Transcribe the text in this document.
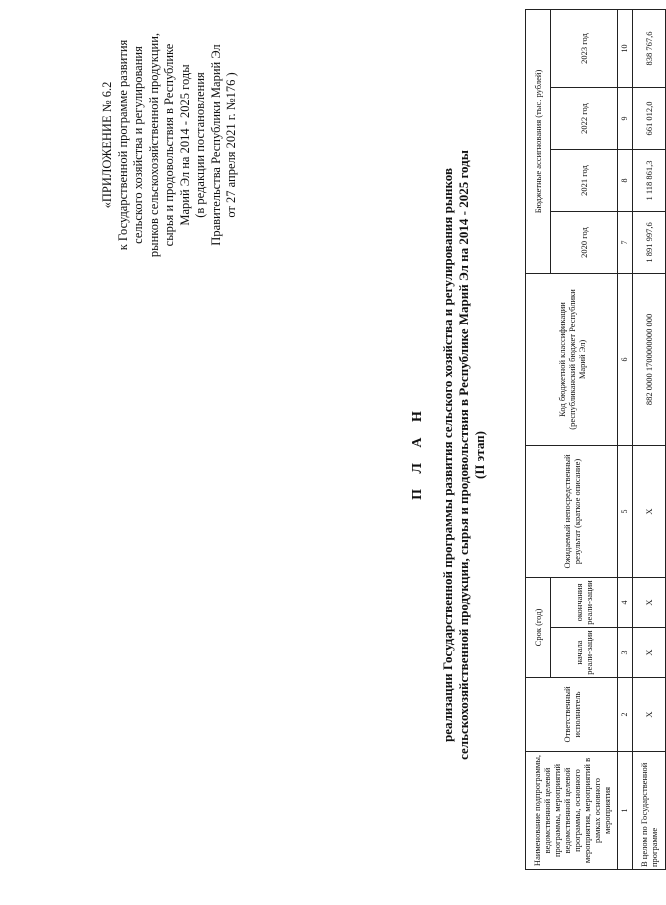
«ПРИЛОЖЕНИЕ № 6.2 к Государственной программе развития сельского хозяйства и регулирования рынков сельскохозяйственной продукции, сырья и продовольствия в Республике Марий Эл на 2014 - 2025 годы (в редакции постановления Правительства Республики Марий Эл от 27 апреля 2021 г. №176 )
П Л А Н реализации Государственной программы развития сельского хозяйства и регулирования рынков сельскохозяйственной продукции, сырья и продовольствия в Республике Марий Эл на 2014 - 2025 годы (II этап)
Наименование подпрограммы, ведомственной целевой программы, мероприятий ведомственной целевой программы, основного мероприятия, мероприятий в рамках основного мероприятия	Ответственный исполнитель	Срок (год)		Ожидаемый непосредственный результат (краткое описание)	Код бюджетной классификации (республиканский бюджет Республики Марий Эл)	Бюджетные ассигнования (тыс. рублей)			
		начала реали-зации	окончания реали-зации			2020 год	2021 год	2022 год	2023 год
1	2	3	4	5	6	7	8	9	10
В целом по Государственной программе	X	X	X	X	882 0000 1700000000 000	1 891 997,6	1 118 861,3	661 012,0	838 767,6
